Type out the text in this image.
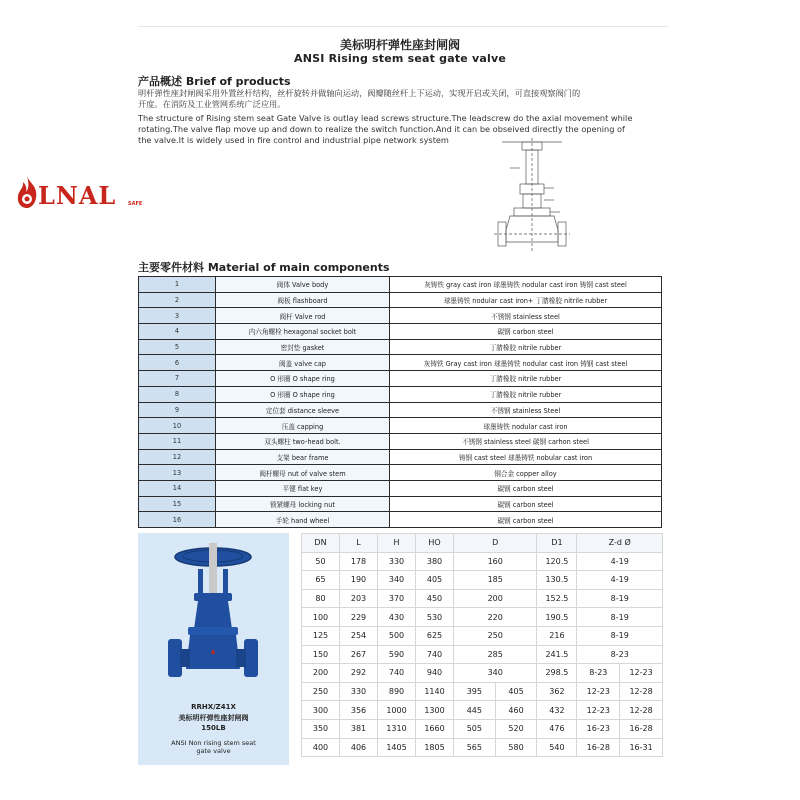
美标明杆弹性座封闸阀
ANSI Rising stem seat gate valve
产品概述 Brief of products
明杆弹性座封闸阀采用外置丝杆结构，丝杆旋转并做轴向运动，阀瓣随丝杆上下运动，实现开启或关闭，可直接观察阀门的
开度。在消防及工业管网系统广泛应用。
The structure of Rising stem seat Gate Valve is outlay lead screws structure.The leadscrew do the axial movement while
rotating.The valve flap move up and down to realize the switch function.And it can be obseived directly the opening of
the valve.It is widely used in fire control and industrial pipe network system
LNAL SAFE
主要零件材料 Material of main components
1	阀体 Valve body	灰铸铁 gray cast iron 球墨铸铁 nodular cast iron 铸钢 cast steel
2	阀板 flashboard	球墨铸铁 nodular cast iron+ 丁腈橡胶 nitrile rubber
3	阀杆 Valve rod	不锈钢 stainless steel
4	内六角螺栓 hexagonal socket bolt	碳钢 carbon steel
5	密封垫 gasket	丁腈橡胶 nitrile rubber
6	阀盖 valve cap	灰铸铁 Gray cast iron 球墨铸铁 nodular cast iron 铸钢 cast steel
7	O 形圈 O shape ring	丁腈橡胶 nitrile rubber
8	O 形圈 O shape ring	丁腈橡胶 nitrile rubber
9	定位套 distance sleeve	不锈钢 stainless Steel
10	压盖 capping	球墨铸铁 nodular cast iron
11	双头螺柱 two-head bolt.	不锈钢 stainless steel 碳钢 carhon steel
12	支架 bear frame	铸钢 cast steel 球墨铸铁 nobular cast iron
13	阀杆螺母 nut of valve stem	铜合金 copper alloy
14	平键 flat key	碳钢 carbon steel
15	锁紧螺母 locking nut	碳钢 carbon steel
16	手轮 hand wheel	碳钢 carbon steel
▲
RRHX/Z41X
美标明杆弹性座封闸阀
150LB
ANSI Non rising stem seat
gate valve
DN	L	H	HO	D		D1	Z-d Ø	
50	178	330	380	160		120.5	4-19	
65	190	340	405	185		130.5	4-19	
80	203	370	450	200		152.5	8-19	
100	229	430	530	220		190.5	8-19	
125	254	500	625	250		216	8-19	
150	267	590	740	285		241.5	8-23	
200	292	740	940	340		298.5	8-23	12-23
250	330	890	1140	395	405	362	12-23	12-28
300	356	1000	1300	445	460	432	12-23	12-28
350	381	1310	1660	505	520	476	16-23	16-28
400	406	1405	1805	565	580	540	16-28	16-31
